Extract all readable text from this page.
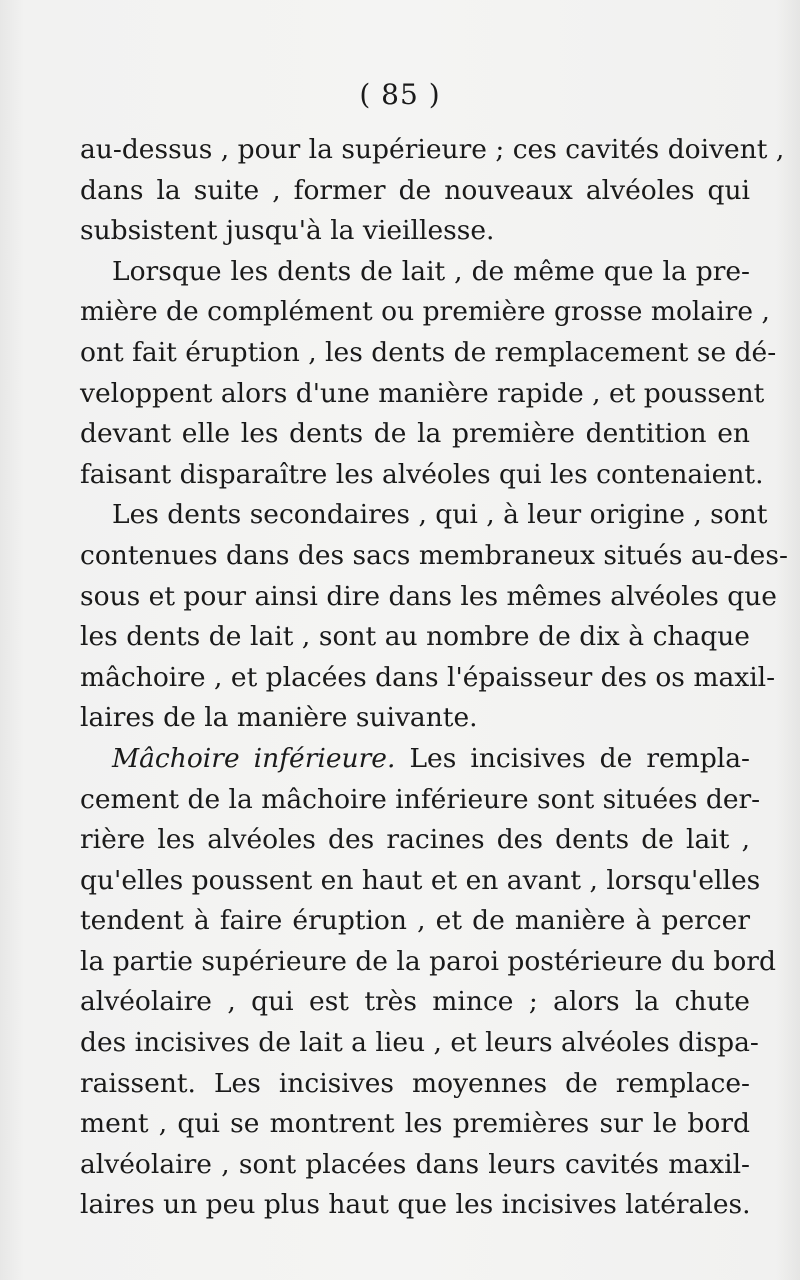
( 85 )
au-dessus , pour la supérieure ; ces cavités doivent ,
dans la suite , former de nouveaux alvéoles qui
subsistent jusqu'à la vieillesse.
Lorsque les dents de lait , de même que la pre-
mière de complément ou première grosse molaire ,
ont fait éruption , les dents de remplacement se dé-
veloppent alors d'une manière rapide , et poussent
devant elle les dents de la première dentition en
faisant disparaître les alvéoles qui les contenaient.
Les dents secondaires , qui , à leur origine , sont
contenues dans des sacs membraneux situés au-des-
sous et pour ainsi dire dans les mêmes alvéoles que
les dents de lait , sont au nombre de dix à chaque
mâchoire , et placées dans l'épaisseur des os maxil-
laires de la manière suivante.
Mâchoire inférieure. Les incisives de rempla-
cement de la mâchoire inférieure sont situées der-
rière les alvéoles des racines des dents de lait ,
qu'elles poussent en haut et en avant , lorsqu'elles
tendent à faire éruption , et de manière à percer
la partie supérieure de la paroi postérieure du bord
alvéolaire , qui est très mince ; alors la chute
des incisives de lait a lieu , et leurs alvéoles dispa-
raissent. Les incisives moyennes de remplace-
ment , qui se montrent les premières sur le bord
alvéolaire , sont placées dans leurs cavités maxil-
laires un peu plus haut que les incisives latérales.
